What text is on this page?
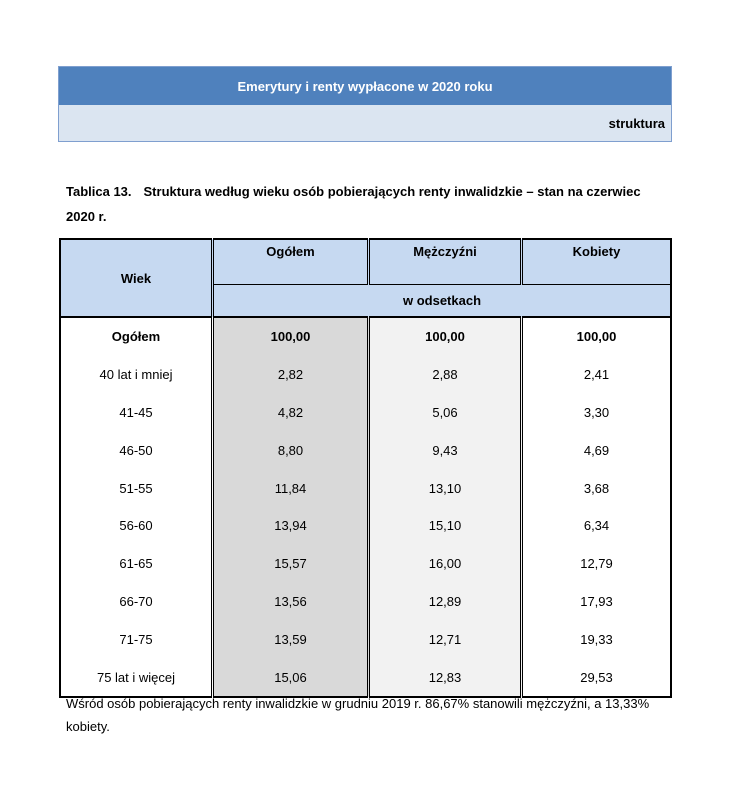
Emerytury i renty wypłacone w 2020 roku
struktura
Tablica 13. Struktura według wieku osób pobierających renty inwalidzkie – stan na czerwiec 2020 r.
Wiek	Ogółem	Mężczyźni	Kobiety
	w odsetkach		
Ogółem	100,00	100,00	100,00
40 lat i mniej	2,82	2,88	2,41
41-45	4,82	5,06	3,30
46-50	8,80	9,43	4,69
51-55	11,84	13,10	3,68
56-60	13,94	15,10	6,34
61-65	15,57	16,00	12,79
66-70	13,56	12,89	17,93
71-75	13,59	12,71	19,33
75 lat i więcej	15,06	12,83	29,53
Wśród osób pobierających renty inwalidzkie w grudniu 2019 r. 86,67% stanowili mężczyźni, a 13,33% kobiety.
